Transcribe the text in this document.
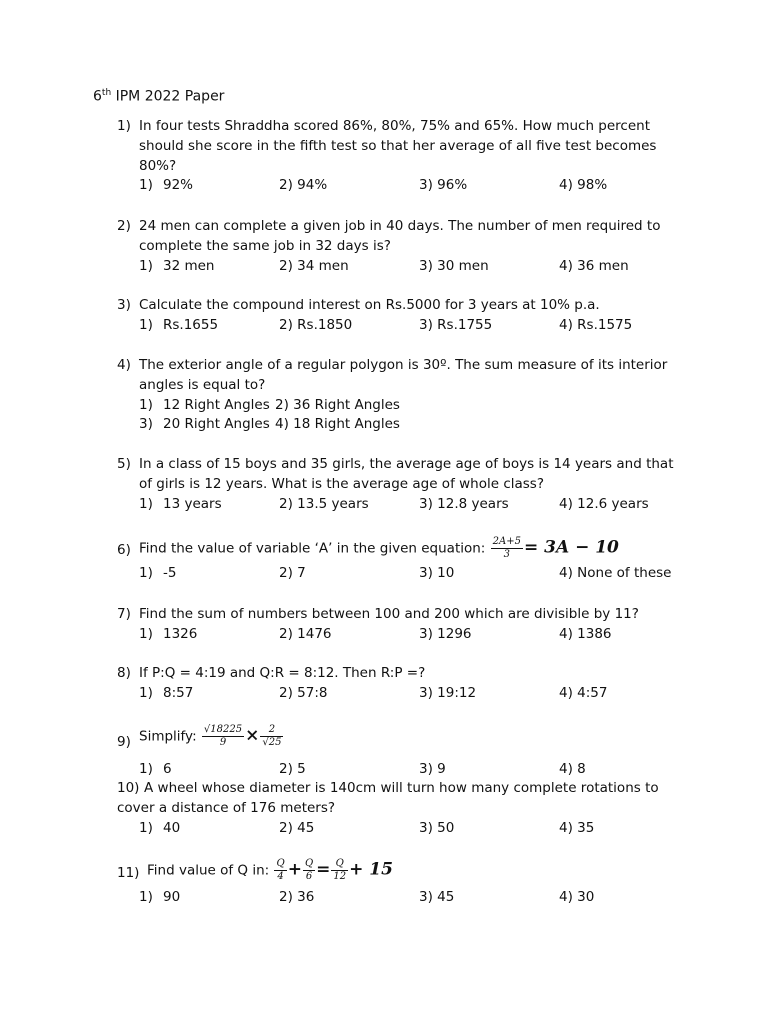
6th IPM 2022 Paper
1) In four tests Shraddha scored 86%, 80%, 75% and 65%. How much percent should she score in the fifth test so that her average of all five test becomes 80%?
1) 92%	2) 94%	3) 96%	4) 98%
2) 24 men can complete a given job in 40 days. The number of men required to complete the same job in 32 days is?
1) 32 men	2) 34 men	3) 30 men	4) 36 men
3) Calculate the compound interest on Rs.5000 for 3 years at 10% p.a.
1) Rs.1655	2) Rs.1850	3) Rs.1755	4) Rs.1575
4) The exterior angle of a regular polygon is 30º. The sum measure of its interior angles is equal to?
1) 12 Right Angles 2) 36 Right Angles
3) 20 Right Angles 4) 18 Right Angles
5) In a class of 15 boys and 35 girls, the average age of boys is 14 years and that of girls is 12 years. What is the average age of whole class?
1) 13 years	2) 13.5 years	3) 12.8 years	4) 12.6 years
6) Find the value of variable ‘A’ in the given equation: $\frac{2A+5}{3} = 3A - 10$
1) -5	2) 7	3) 10	4) None of these
7) Find the sum of numbers between 100 and 200 which are divisible by 11?
1) 1326	2) 1476	3) 1296	4) 1386
8) If P:Q = 4:19 and Q:R = 8:12. Then R:P =?
1) 8:57	2) 57:8	3) 19:12	4) 4:57
9) Simplify: $\frac{√18225}{9} \times \frac{2}{√25}$
1) 6	2) 5	3) 9	4) 8
10) A wheel whose diameter is 140cm will turn how many complete rotations to cover a distance of 176 meters?
1) 40	2) 45	3) 50	4) 35
11) Find value of Q in: $\frac{Q}{4} + \frac{Q}{6} = \frac{Q}{12} + 15$
1) 90	2) 36	3) 45	4) 30
